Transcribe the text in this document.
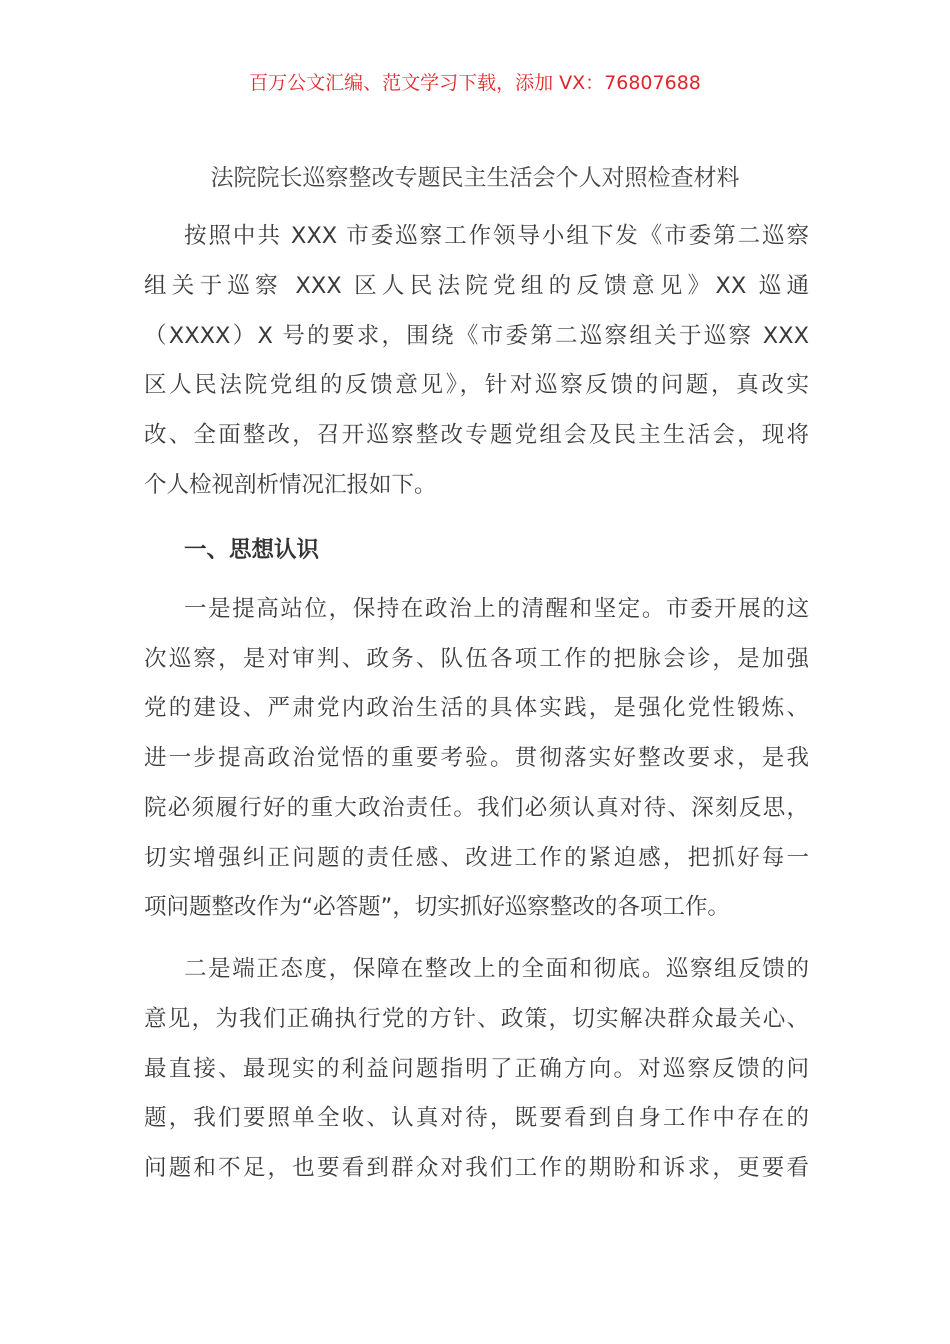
百万公文汇编、范文学习下载，添加 VX：76807688
法院院长巡察整改专题民主生活会个人对照检查材料
按照中共 XXX 市委巡察工作领导小组下发《市委第二巡察
组关于巡察 XXX 区人民法院党组的反馈意见》XX 巡通
（XXXX）X 号的要求，围绕《市委第二巡察组关于巡察 XXX
区人民法院党组的反馈意见》，针对巡察反馈的问题，真改实
改、全面整改，召开巡察整改专题党组会及民主生活会，现将
个人检视剖析情况汇报如下。
一、思想认识
一是提高站位，保持在政治上的清醒和坚定。市委开展的这
次巡察，是对审判、政务、队伍各项工作的把脉会诊，是加强
党的建设、严肃党内政治生活的具体实践，是强化党性锻炼、
进一步提高政治觉悟的重要考验。贯彻落实好整改要求，是我
院必须履行好的重大政治责任。我们必须认真对待、深刻反思，
切实增强纠正问题的责任感、改进工作的紧迫感，把抓好每一
项问题整改作为“必答题”，切实抓好巡察整改的各项工作。
二是端正态度，保障在整改上的全面和彻底。巡察组反馈的
意见，为我们正确执行党的方针、政策，切实解决群众最关心、
最直接、最现实的利益问题指明了正确方向。对巡察反馈的问
题，我们要照单全收、认真对待，既要看到自身工作中存在的
问题和不足，也要看到群众对我们工作的期盼和诉求，更要看
